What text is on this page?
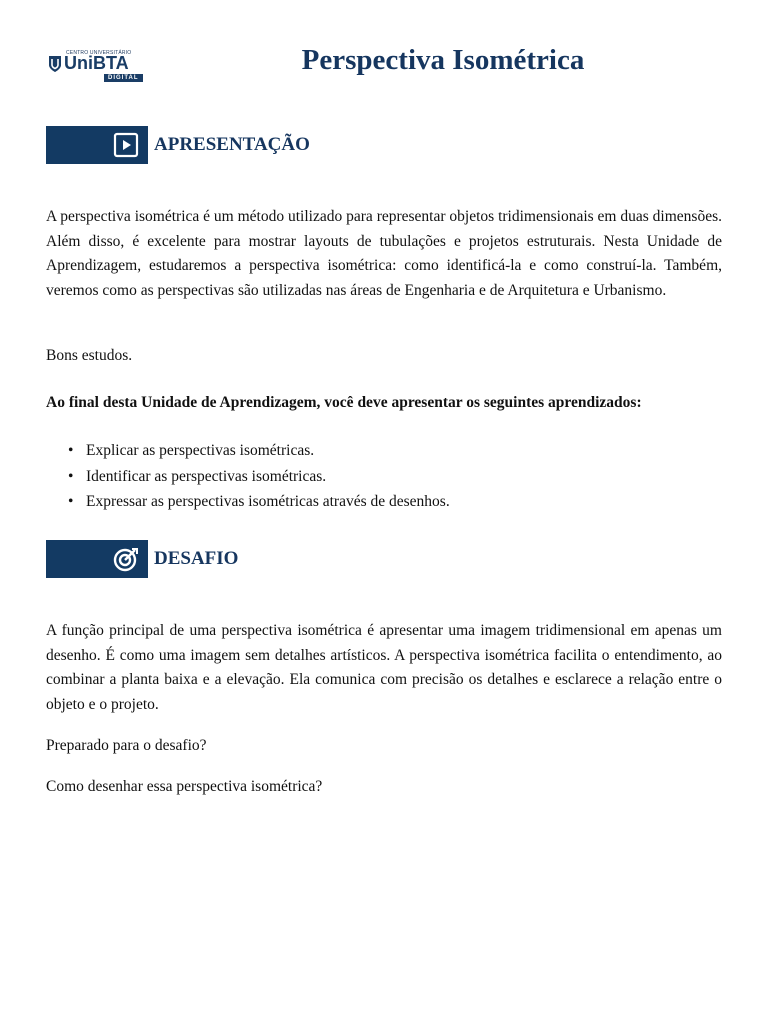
CENTRO UNIVERSITÁRIO
UniBTA
DIGITAL
Perspectiva Isométrica
APRESENTAÇÃO

A perspectiva isométrica é um método utilizado para representar objetos tridimensionais em duas dimensões. Além disso, é excelente para mostrar layouts de tubulações e projetos estruturais. Nesta Unidade de Aprendizagem, estudaremos a perspectiva isométrica: como identificá-la e como construí-la. Também, veremos como as perspectivas são utilizadas nas áreas de Engenharia e de Arquitetura e Urbanismo.

Bons estudos.

Ao final desta Unidade de Aprendizagem, você deve apresentar os seguintes aprendizados:

• Explicar as perspectivas isométricas.
• Identificar as perspectivas isométricas.
• Expressar as perspectivas isométricas através de desenhos.
DESAFIO

A função principal de uma perspectiva isométrica é apresentar uma imagem tridimensional em apenas um desenho. É como uma imagem sem detalhes artísticos. A perspectiva isométrica facilita o entendimento, ao combinar a planta baixa e a elevação. Ela comunica com precisão os detalhes e esclarece a relação entre o objeto e o projeto.

Preparado para o desafio?

Como desenhar essa perspectiva isométrica?
